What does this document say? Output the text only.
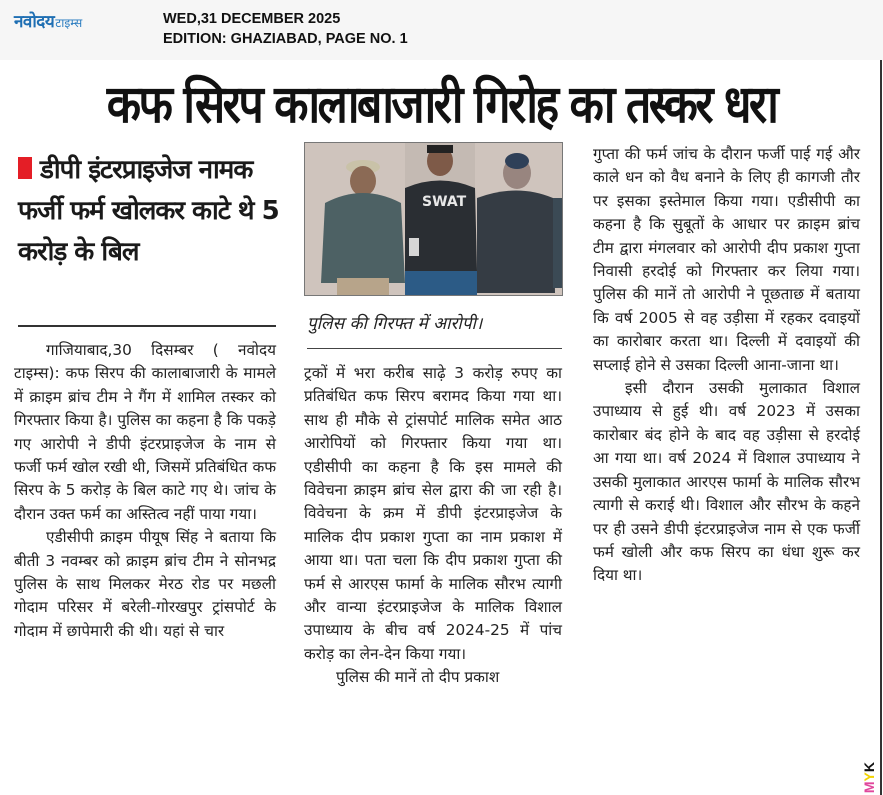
नवोदय टाइम्स	WED,31 DECEMBER 2025
EDITION: GHAZIABAD, PAGE NO. 1
कफ सिरप कालाबाजारी गिरोह का तस्कर धरा
डीपी इंटरप्राइजेज नामक फर्जी फर्म खोलकर काटे थे 5 करोड़ के बिल

गाजियाबाद,30 दिसम्बर ( नवोदय टाइम्स): कफ सिरप की कालाबाजारी के मामले में क्राइम ब्रांच टीम ने गैंग में शामिल तस्कर को गिरफ्तार किया है। पुलिस का कहना है कि पकड़े गए आरोपी ने डीपी इंटरप्राइजेज के नाम से फर्जी फर्म खोल रखी थी, जिसमें प्रतिबंधित कफ सिरप के 5 करोड़ के बिल काटे गए थे। जांच के दौरान उक्त फर्म का अस्तित्व नहीं पाया गया।

एडीसीपी क्राइम पीयूष सिंह ने बताया कि बीती 3 नवम्बर को क्राइम ब्रांच टीम ने सोनभद्र पुलिस के साथ मिलकर मेरठ रोड पर मछली गोदाम परिसर में बरेली-गोरखपुर ट्रांसपोर्ट के गोदाम में छापेमारी की थी। यहां से चार

SWAT
पुलिस की गिरफ्त में आरोपी।

ट्रकों में भरा करीब साढ़े 3 करोड़ रुपए का प्रतिबंधित कफ सिरप बरामद किया गया था। साथ ही मौके से ट्रांसपोर्ट मालिक समेत आठ आरोपियों को गिरफ्तार किया गया था। एडीसीपी का कहना है कि इस मामले की विवेचना क्राइम ब्रांच सेल द्वारा की जा रही है। विवेचना के क्रम में डीपी इंटरप्राइजेज के मालिक दीप प्रकाश गुप्ता का नाम प्रकाश में आया था। पता चला कि दीप प्रकाश गुप्ता की फर्म से आरएस फार्मा के मालिक सौरभ त्यागी और वान्या इंटरप्राइजेज के मालिक विशाल उपाध्याय के बीच वर्ष 2024-25 में पांच करोड़ का लेन-देन किया गया।

पुलिस की मानें तो दीप प्रकाश

गुप्ता की फर्म जांच के दौरान फर्जी पाई गई और काले धन को वैध बनाने के लिए ही कागजी तौर पर इसका इस्तेमाल किया गया। एडीसीपी का कहना है कि सुबूतों के आधार पर क्राइम ब्रांच टीम द्वारा मंगलवार को आरोपी दीप प्रकाश गुप्ता निवासी हरदोई को गिरफ्तार कर लिया गया। पुलिस की मानें तो आरोपी ने पूछताछ में बताया कि वर्ष 2005 से वह उड़ीसा में रहकर दवाइयों का कारोबार करता था। दिल्ली में दवाइयों की सप्लाई होने से उसका दिल्ली आना-जाना था।

इसी दौरान उसकी मुलाकात विशाल उपाध्याय से हुई थी। वर्ष 2023 में उसका कारोबार बंद होने के बाद वह उड़ीसा से हरदोई आ गया था। वर्ष 2024 में विशाल उपाध्याय ने उसकी मुलाकात आरएस फार्मा के मालिक सौरभ त्यागी से कराई थी। विशाल और सौरभ के कहने पर ही उसने डीपी इंटरप्राइजेज नाम से एक फर्जी फर्म खोली और कफ सिरप का धंधा शुरू कर दिया था।

MYK
